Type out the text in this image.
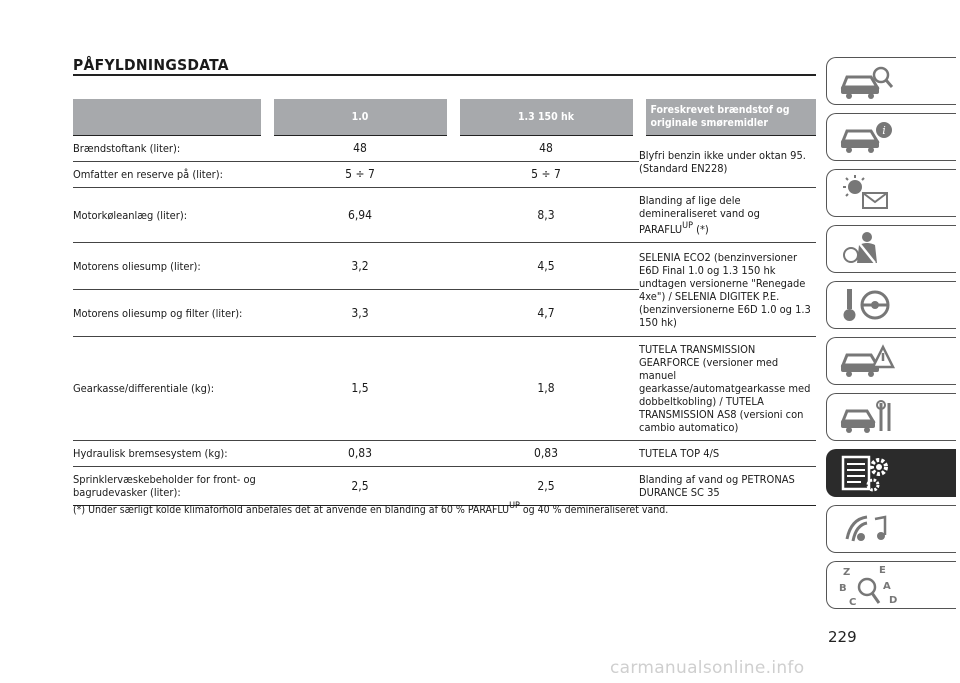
PÅFYLDNINGSDATA
	1.0	1.3 150 hk	Foreskrevet brændstof og originale smøremidler
Brændstoftank (liter):	48	48	Blyfri benzin ikke under oktan 95. (Standard EN228)
Omfatter en reserve på (liter):	5 ÷ 7	5 ÷ 7	
Motorkøleanlæg (liter):	6,94	8,3	Blanding af lige dele demineraliseret vand og $PARAFLU^{UP}$ (*)
Motorens oliesump (liter):	3,2	4,5	SELENIA ECO2 (benzinversioner E6D Final 1.0 og 1.3 150 hk undtagen versionerne "Renegade 4xe") / SELENIA DIGITEK P.E. (benzinversionerne E6D 1.0 og 1.3 150 hk)
Motorens oliesump og filter (liter):	3,3	4,7	
Gearkasse/differentiale (kg):	1,5	1,8	TUTELA TRANSMISSION GEARFORCE (versioner med manuel gearkasse/automatgearkasse med dobbeltkobling) / TUTELA TRANSMISSION AS8 (versioni con cambio automatico)
Hydraulisk bremsesystem (kg):	0,83	0,83	TUTELA TOP 4/S
Sprinklervæskebeholder for front- og bagrudevasker (liter):	2,5	2,5	Blanding af vand og PETRONAS DURANCE SC 35
(*) Under særligt kolde klimaforhold anbefales det at anvende en blanding af 60 % PARAFLUUP og 40 % demineraliseret vand.
i
Z	E
B	A
C	D
229
carmanualsonline.info
